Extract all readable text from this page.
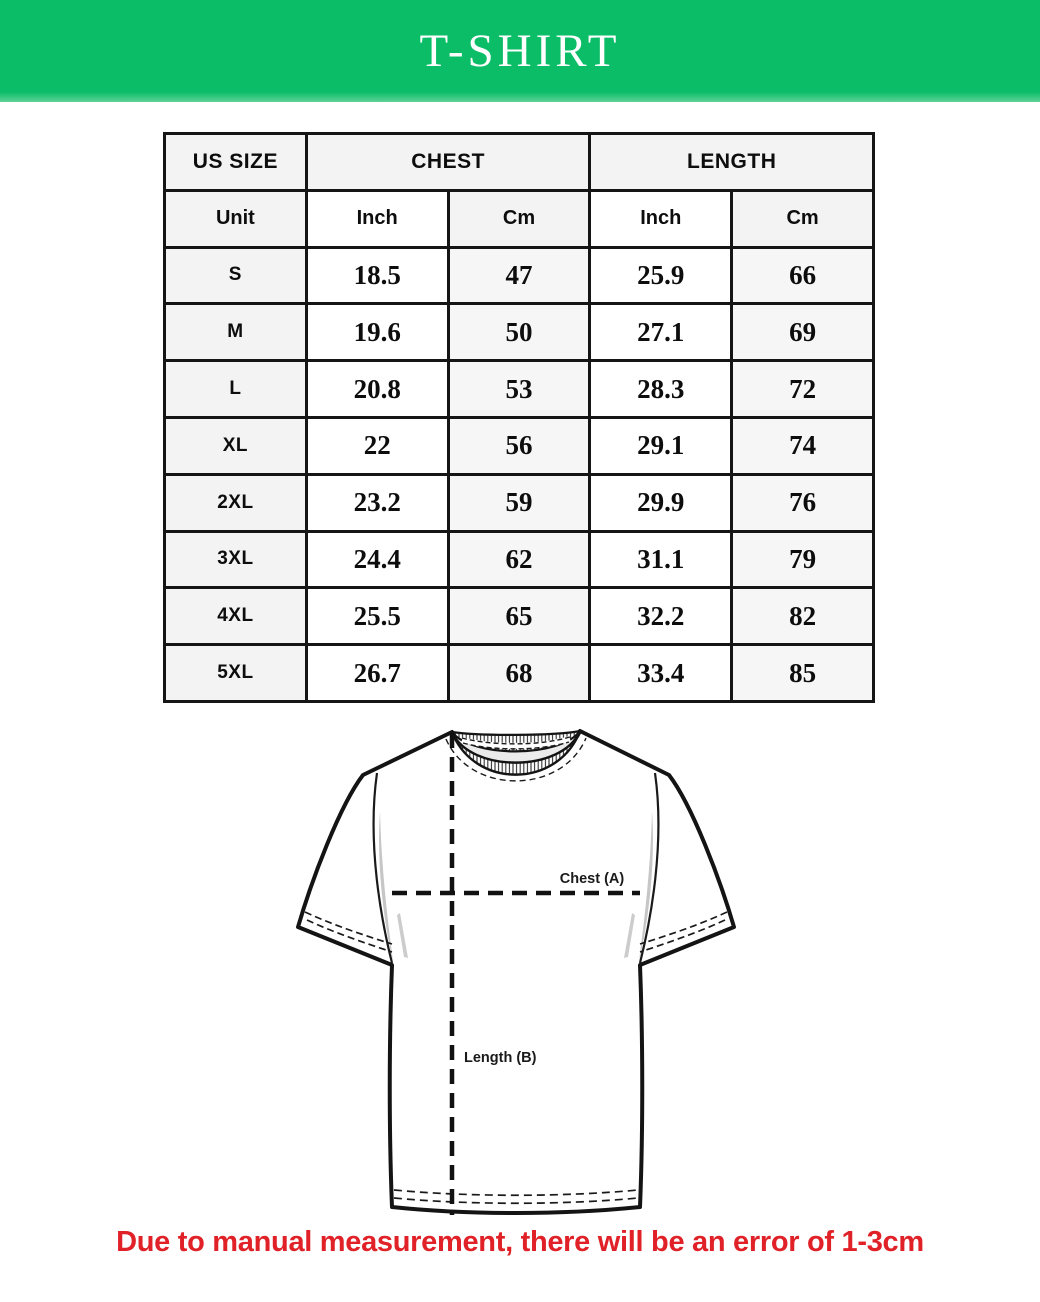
T-SHIRT
US SIZE	CHEST	LENGTH
Unit	Inch	Cm	Inch	Cm
S	18.5	47	25.9	66
M	19.6	50	27.1	69
L	20.8	53	28.3	72
XL	22	56	29.1	74
2XL	23.2	59	29.9	76
3XL	24.4	62	31.1	79
4XL	25.5	65	32.2	82
5XL	26.7	68	33.4	85
Chest (A)
Length (B)
Due to manual measurement, there will be an error of 1-3cm
